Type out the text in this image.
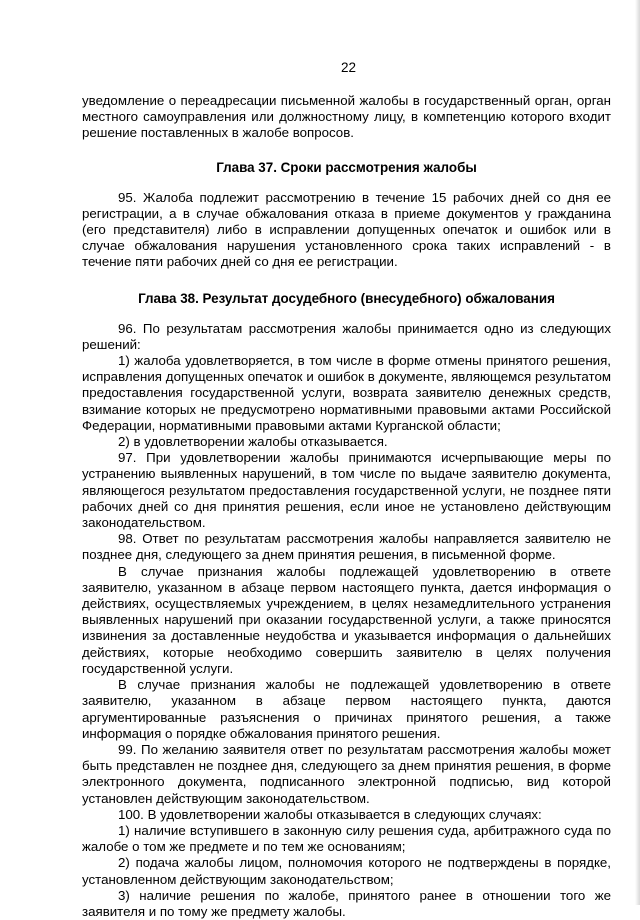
22

уведомление о переадресации письменной жалобы в государственный орган, орган местного самоуправления или должностному лицу, в компетенцию которого входит решение поставленных в жалобе вопросов.

Глава 37. Сроки рассмотрения жалобы

95. Жалоба подлежит рассмотрению в течение 15 рабочих дней со дня ее регистрации, а в случае обжалования отказа в приеме документов у гражданина (его представителя) либо в исправлении допущенных опечаток и ошибок или в случае обжалования нарушения установленного срока таких исправлений - в течение пяти рабочих дней со дня ее регистрации.

Глава 38. Результат досудебного (внесудебного) обжалования

96. По результатам рассмотрения жалобы принимается одно из следующих решений:

1) жалоба удовлетворяется, в том числе в форме отмены принятого решения, исправления допущенных опечаток и ошибок в документе, являющемся результатом предоставления государственной услуги, возврата заявителю денежных средств, взимание которых не предусмотрено нормативными правовыми актами Российской Федерации, нормативными правовыми актами Курганской области;

2) в удовлетворении жалобы отказывается.

97. При удовлетворении жалобы принимаются исчерпывающие меры по устранению выявленных нарушений, в том числе по выдаче заявителю документа, являющегося результатом предоставления государственной услуги, не позднее пяти рабочих дней со дня принятия решения, если иное не установлено действующим законодательством.

98. Ответ по результатам рассмотрения жалобы направляется заявителю не позднее дня, следующего за днем принятия решения, в письменной форме.

В случае признания жалобы подлежащей удовлетворению в ответе заявителю, указанном в абзаце первом настоящего пункта, дается информация о действиях, осуществляемых учреждением, в целях незамедлительного устранения выявленных нарушений при оказании государственной услуги, а также приносятся извинения за доставленные неудобства и указывается информация о дальнейших действиях, которые необходимо совершить заявителю в целях получения государственной услуги.

В случае признания жалобы не подлежащей удовлетворению в ответе заявителю, указанном в абзаце первом настоящего пункта, даются аргументированные разъяснения о причинах принятого решения, а также информация о порядке обжалования принятого решения.

99. По желанию заявителя ответ по результатам рассмотрения жалобы может быть представлен не позднее дня, следующего за днем принятия решения, в форме электронного документа, подписанного электронной подписью, вид которой установлен действующим законодательством.

100. В удовлетворении жалобы отказывается в следующих случаях:

1) наличие вступившего в законную силу решения суда, арбитражного суда по жалобе о том же предмете и по тем же основаниям;

2) подача жалобы лицом, полномочия которого не подтверждены в порядке, установленном действующим законодательством;

3) наличие решения по жалобе, принятого ранее в отношении того же заявителя и по тому же предмету жалобы.
